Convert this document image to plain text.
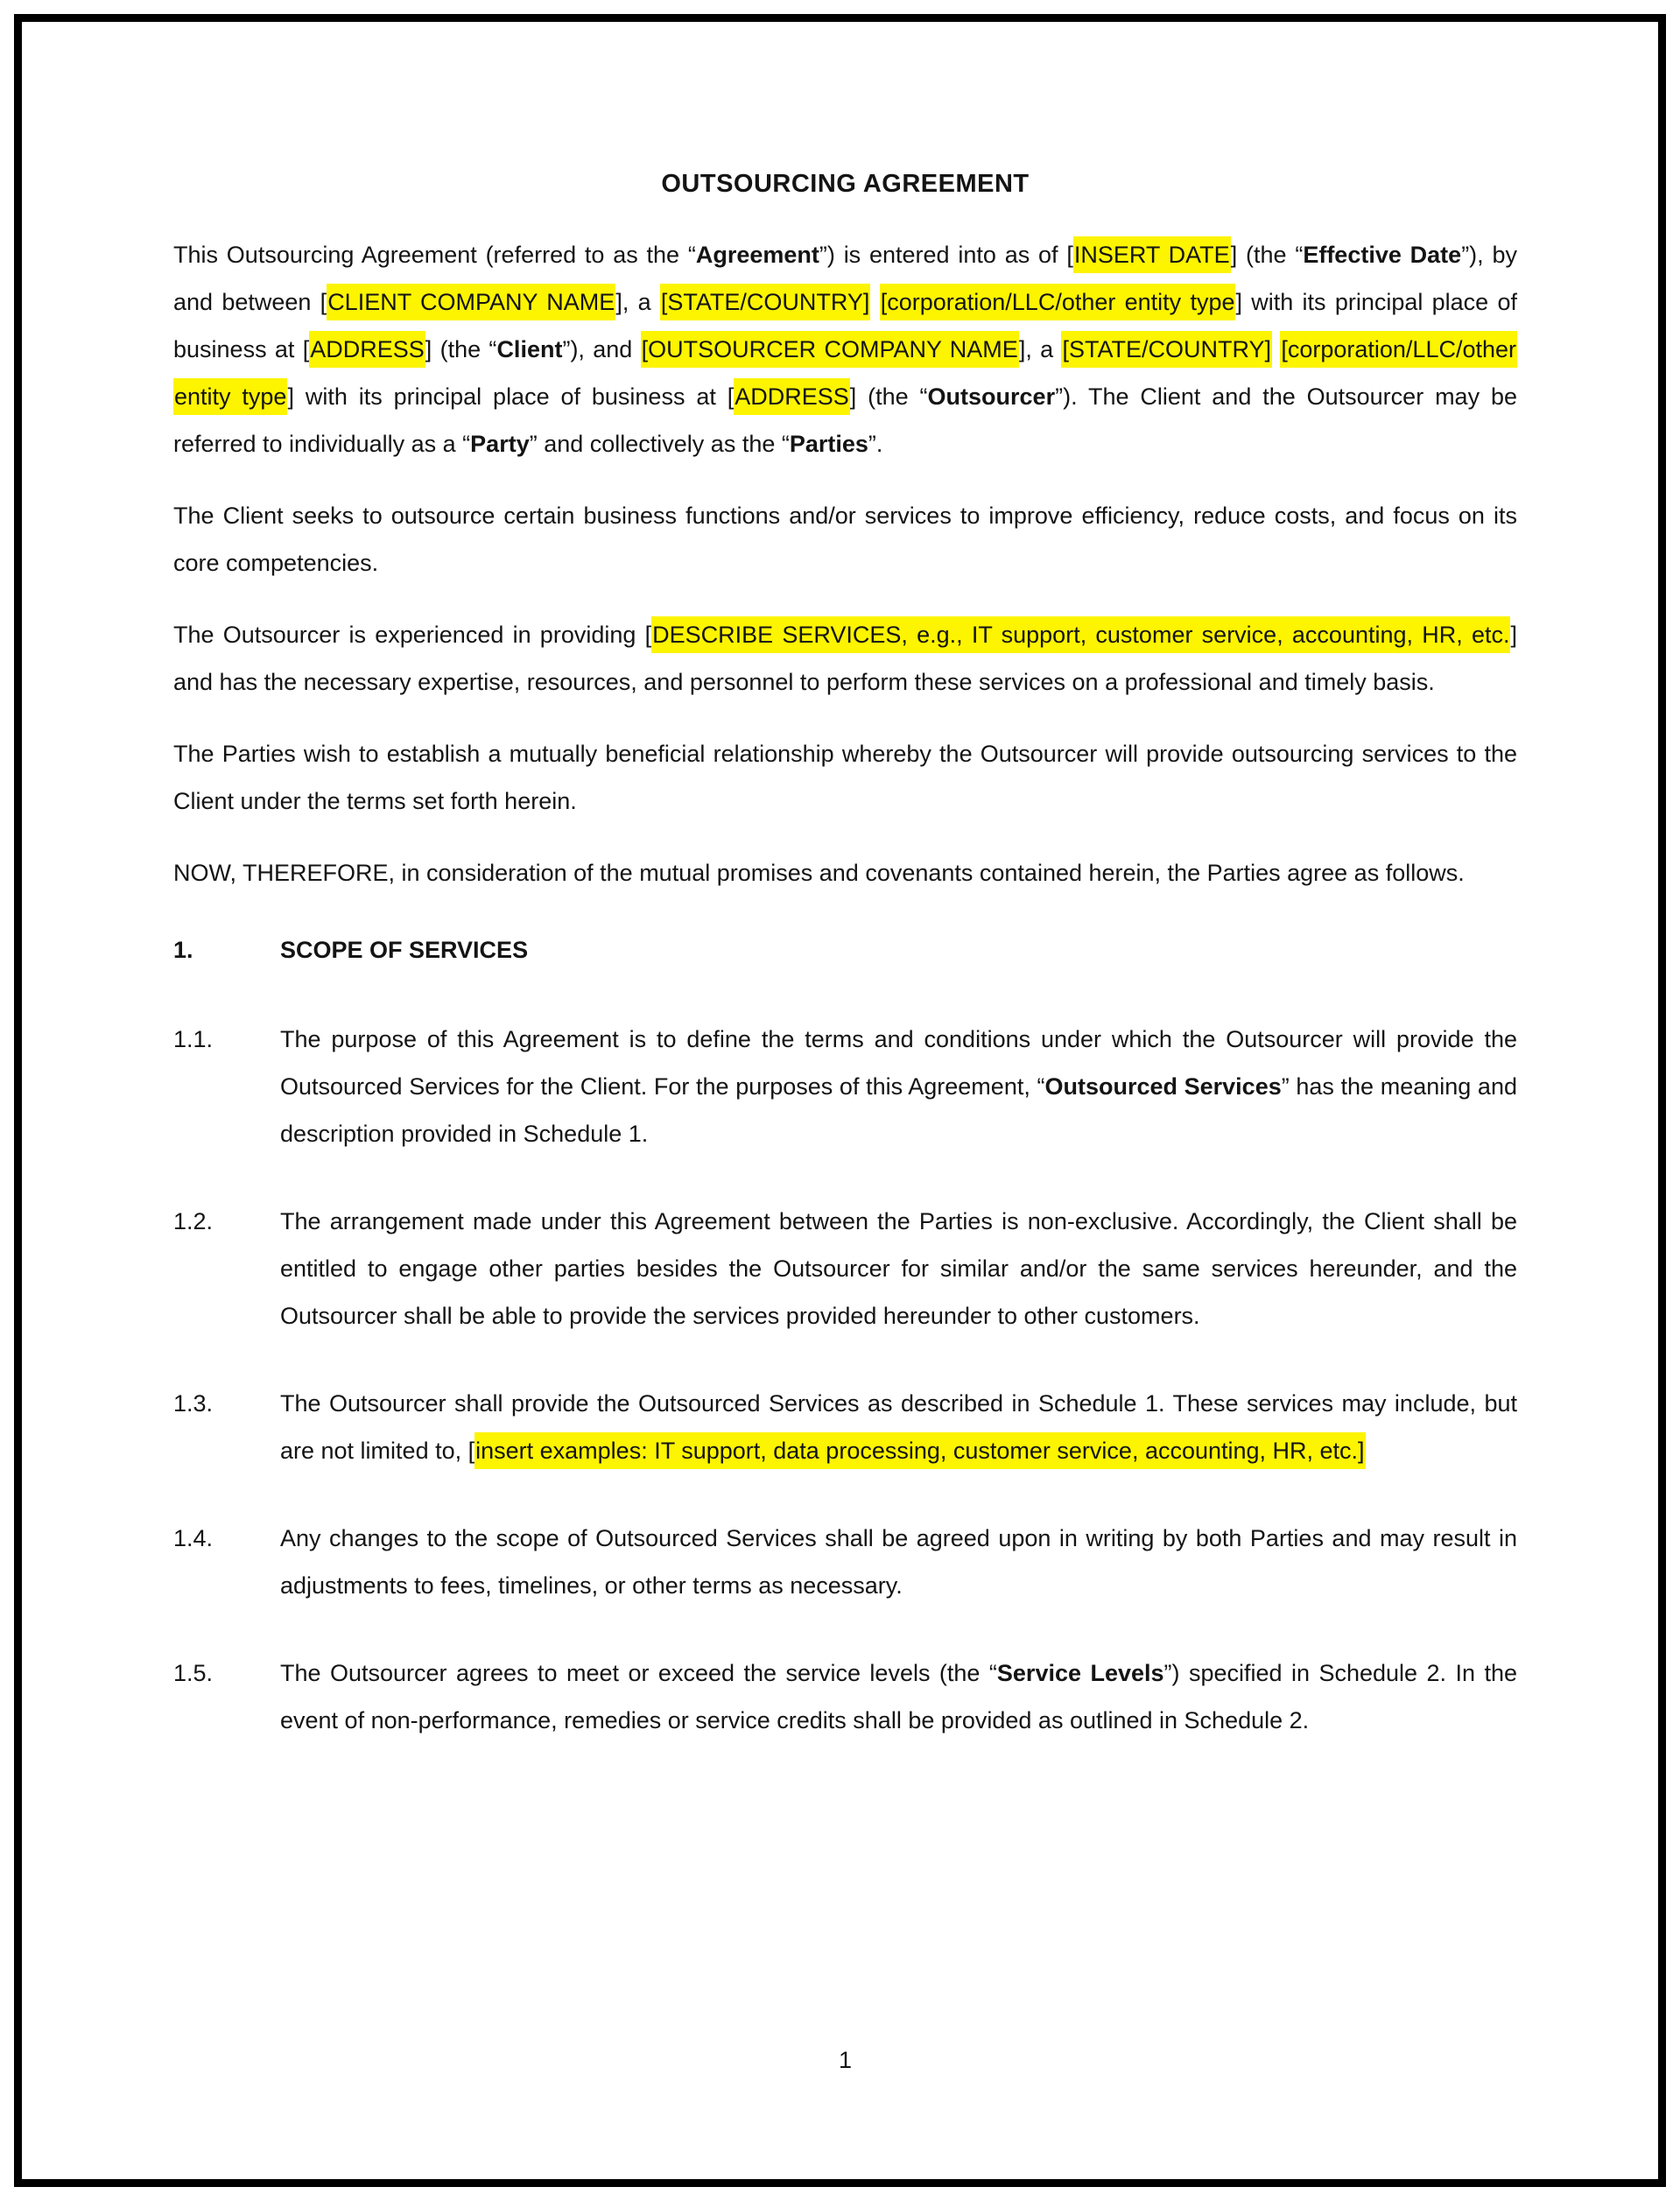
OUTSOURCING AGREEMENT
This Outsourcing Agreement (referred to as the “Agreement”) is entered into as of [INSERT DATE] (the “Effective Date”), by and between [CLIENT COMPANY NAME], a [STATE/COUNTRY] [corporation/LLC/other entity type] with its principal place of business at [ADDRESS] (the “Client”), and [OUTSOURCER COMPANY NAME], a [STATE/COUNTRY] [corporation/LLC/other entity type] with its principal place of business at [ADDRESS] (the “Outsourcer”). The Client and the Outsourcer may be referred to individually as a “Party” and collectively as the “Parties”.
The Client seeks to outsource certain business functions and/or services to improve efficiency, reduce costs, and focus on its core competencies.
The Outsourcer is experienced in providing [DESCRIBE SERVICES, e.g., IT support, customer service, accounting, HR, etc.] and has the necessary expertise, resources, and personnel to perform these services on a professional and timely basis.
The Parties wish to establish a mutually beneficial relationship whereby the Outsourcer will provide outsourcing services to the Client under the terms set forth herein.
NOW, THEREFORE, in consideration of the mutual promises and covenants contained herein, the Parties agree as follows.
1.	SCOPE OF SERVICES
1.1.	The purpose of this Agreement is to define the terms and conditions under which the Outsourcer will provide the Outsourced Services for the Client. For the purposes of this Agreement, “Outsourced Services” has the meaning and description provided in Schedule 1.
1.2.	The arrangement made under this Agreement between the Parties is non-exclusive. Accordingly, the Client shall be entitled to engage other parties besides the Outsourcer for similar and/or the same services hereunder, and the Outsourcer shall be able to provide the services provided hereunder to other customers.
1.3.	The Outsourcer shall provide the Outsourced Services as described in Schedule 1. These services may include, but are not limited to, [insert examples: IT support, data processing, customer service, accounting, HR, etc.]
1.4.	Any changes to the scope of Outsourced Services shall be agreed upon in writing by both Parties and may result in adjustments to fees, timelines, or other terms as necessary.
1.5.	The Outsourcer agrees to meet or exceed the service levels (the “Service Levels”) specified in Schedule 2. In the event of non-performance, remedies or service credits shall be provided as outlined in Schedule 2.
1
